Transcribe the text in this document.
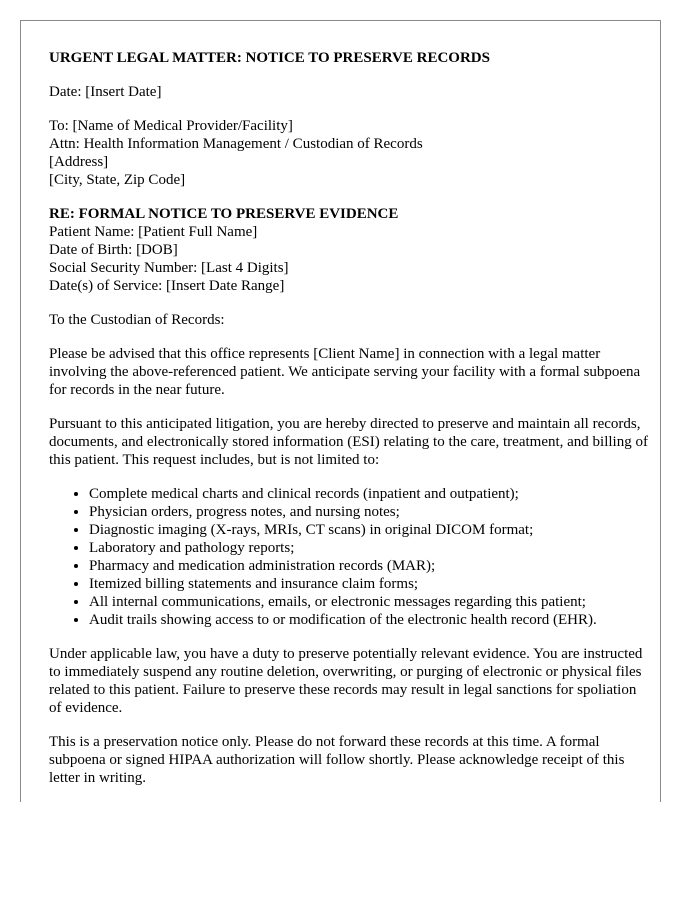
URGENT LEGAL MATTER: NOTICE TO PRESERVE RECORDS
Date: [Insert Date]
To: [Name of Medical Provider/Facility]
Attn: Health Information Management / Custodian of Records
[Address]
[City, State, Zip Code]
RE: FORMAL NOTICE TO PRESERVE EVIDENCE
Patient Name: [Patient Full Name]
Date of Birth: [DOB]
Social Security Number: [Last 4 Digits]
Date(s) of Service: [Insert Date Range]

To the Custodian of Records:

Please be advised that this office represents [Client Name] in connection with a legal matter involving the above-referenced patient. We anticipate serving your facility with a formal subpoena for records in the near future.

Pursuant to this anticipated litigation, you are hereby directed to preserve and maintain all records, documents, and electronically stored information (ESI) relating to the care, treatment, and billing of this patient. This request includes, but is not limited to:

• Complete medical charts and clinical records (inpatient and outpatient);
• Physician orders, progress notes, and nursing notes;
• Diagnostic imaging (X-rays, MRIs, CT scans) in original DICOM format;
• Laboratory and pathology reports;
• Pharmacy and medication administration records (MAR);
• Itemized billing statements and insurance claim forms;
• All internal communications, emails, or electronic messages regarding this patient;
• Audit trails showing access to or modification of the electronic health record (EHR).

Under applicable law, you have a duty to preserve potentially relevant evidence. You are instructed to immediately suspend any routine deletion, overwriting, or purging of electronic or physical files related to this patient. Failure to preserve these records may result in legal sanctions for spoliation of evidence.

This is a preservation notice only. Please do not forward these records at this time. A formal subpoena or signed HIPAA authorization will follow shortly. Please acknowledge receipt of this letter in writing.
